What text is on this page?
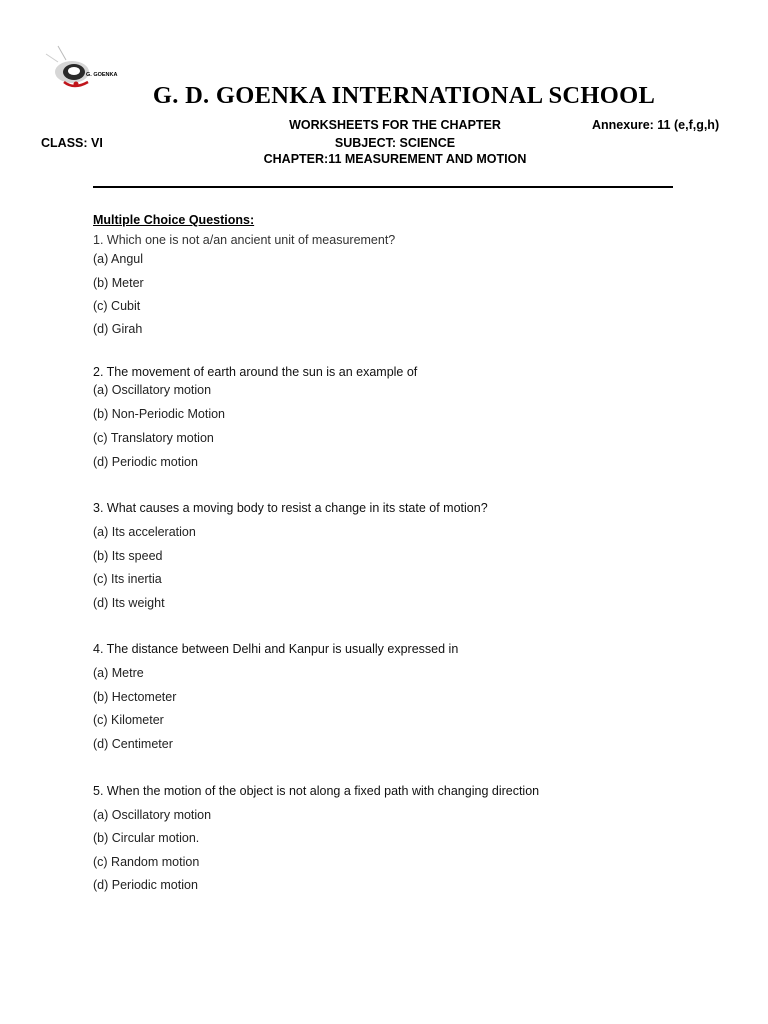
G. GOENKA
G. D. GOENKA INTERNATIONAL SCHOOL
WORKSHEETS FOR THE CHAPTER	Annexure: 11 (e,f,g,h)
CLASS: VI	SUBJECT: SCIENCE
CHAPTER:11 MEASUREMENT AND MOTION
Multiple Choice Questions:
1. Which one is not a/an ancient unit of measurement?
(a) Angul
(b) Meter
(c) Cubit
(d) Girah
2. The movement of earth around the sun is an example of
(a) Oscillatory motion
(b) Non-Periodic Motion
(c) Translatory motion
(d) Periodic motion
3. What causes a moving body to resist a change in its state of motion?
(a) Its acceleration
(b) Its speed
(c) Its inertia
(d) Its weight
4. The distance between Delhi and Kanpur is usually expressed in
(a) Metre
(b) Hectometer
(c) Kilometer
(d) Centimeter
5. When the motion of the object is not along a fixed path with changing direction
(a) Oscillatory motion
(b) Circular motion.
(c) Random motion
(d) Periodic motion
